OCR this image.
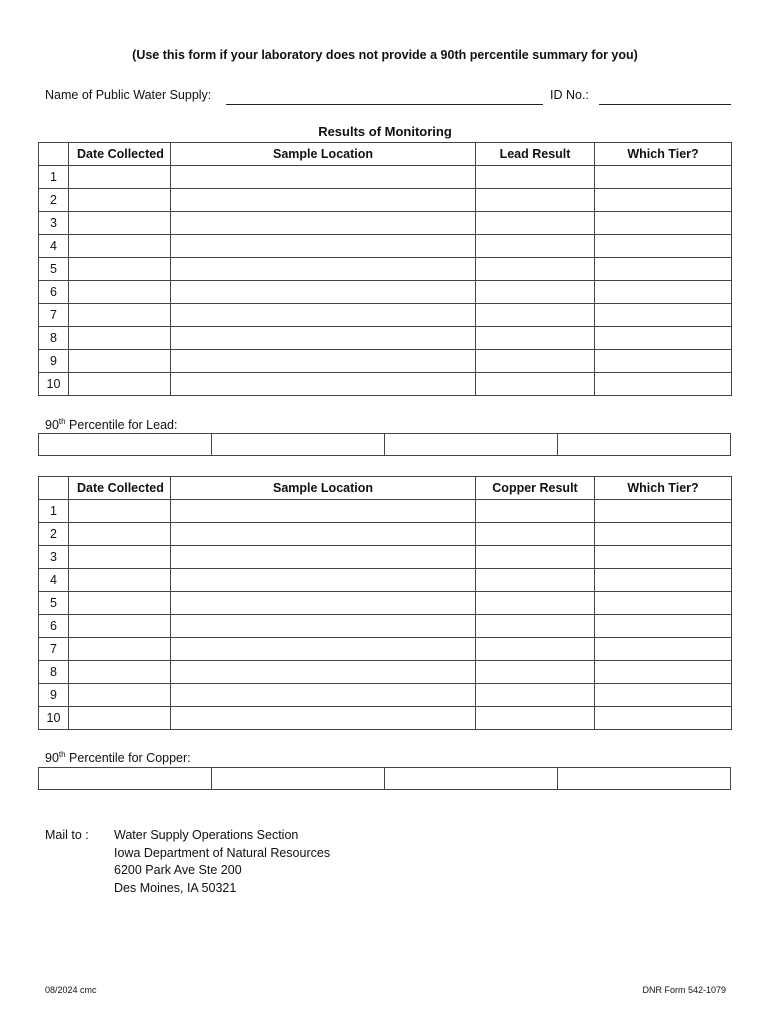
(Use this form if your laboratory does not provide a 90th percentile summary for you)
Name of Public Water Supply:	ID No.:
Results of Monitoring
	Date Collected	Sample Location	Lead Result	Which Tier?
1				
2				
3				
4				
5				
6				
7				
8				
9				
10				
90th Percentile for Lead:

	Date Collected	Sample Location	Copper Result	Which Tier?
1				
2				
3				
4				
5				
6				
7				
8				
9				
10				
90th Percentile for Copper:

Mail to : Water Supply Operations Section
Iowa Department of Natural Resources
6200 Park Ave Ste 200
Des Moines, IA 50321
08/2024 cmc	DNR Form 542-1079
